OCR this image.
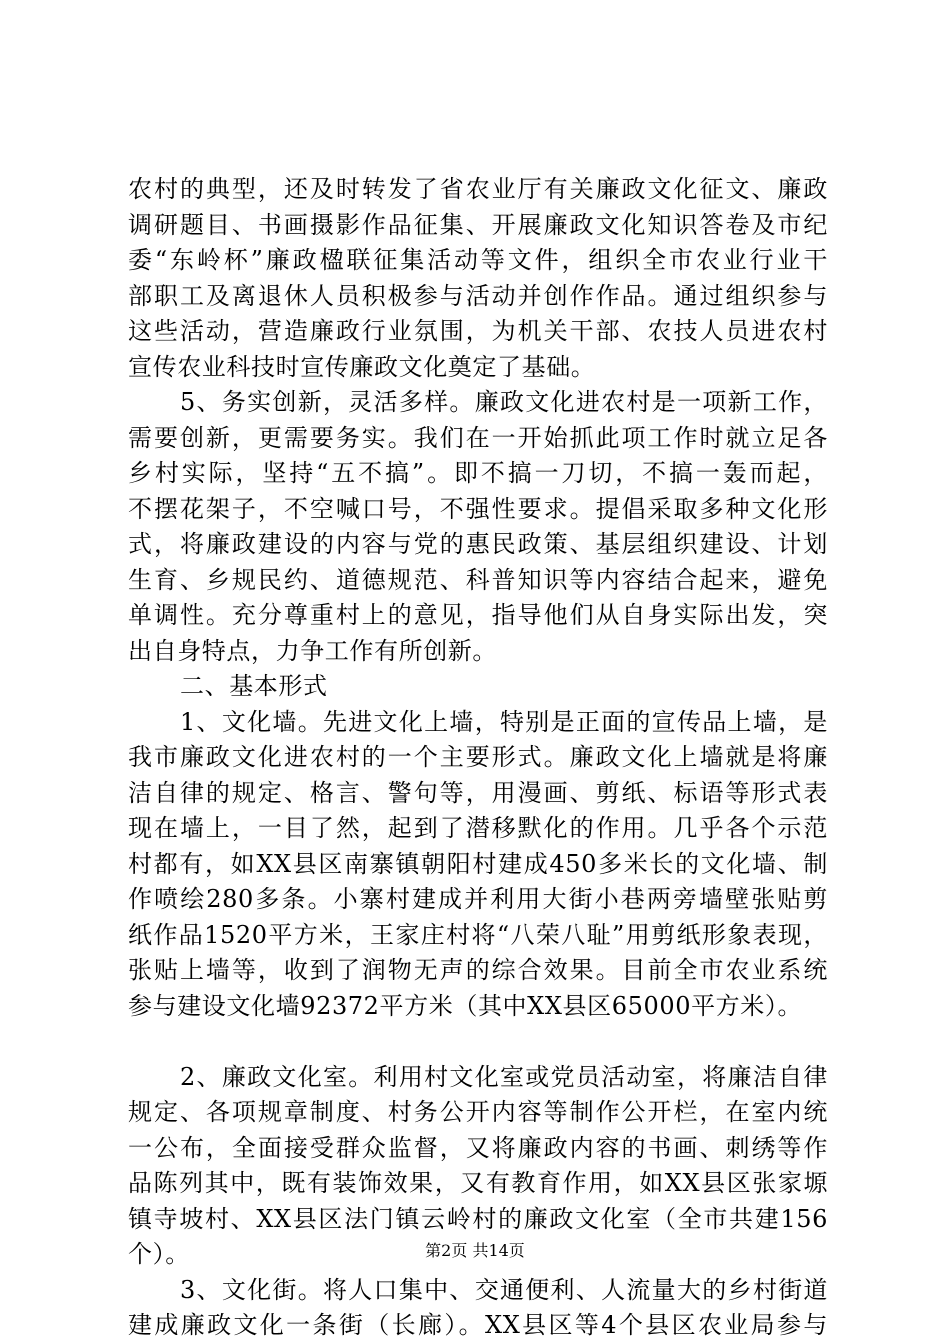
农村的典型，还及时转发了省农业厅有关廉政文化征文、廉政
调研题目、书画摄影作品征集、开展廉政文化知识答卷及市纪
委“东岭杯”廉政楹联征集活动等文件，组织全市农业行业干
部职工及离退休人员积极参与活动并创作作品。通过组织参与
这些活动，营造廉政行业氛围，为机关干部、农技人员进农村
宣传农业科技时宣传廉政文化奠定了基础。
5、务实创新，灵活多样。廉政文化进农村是一项新工作，
需要创新，更需要务实。我们在一开始抓此项工作时就立足各
乡村实际，坚持“五不搞”。即不搞一刀切，不搞一轰而起，
不摆花架子，不空喊口号，不强性要求。提倡采取多种文化形
式，将廉政建设的内容与党的惠民政策、基层组织建设、计划
生育、乡规民约、道德规范、科普知识等内容结合起来，避免
单调性。充分尊重村上的意见，指导他们从自身实际出发，突
出自身特点，力争工作有所创新。
二、基本形式
1、文化墙。先进文化上墙，特别是正面的宣传品上墙，是
我市廉政文化进农村的一个主要形式。廉政文化上墙就是将廉
洁自律的规定、格言、警句等，用漫画、剪纸、标语等形式表
现在墙上，一目了然，起到了潜移默化的作用。几乎各个示范
村都有，如XX县区南寨镇朝阳村建成450多米长的文化墙、制
作喷绘280多条。小寨村建成并利用大街小巷两旁墙壁张贴剪
纸作品1520平方米，王家庄村将“八荣八耻”用剪纸形象表现，
张贴上墙等，收到了润物无声的综合效果。目前全市农业系统
参与建设文化墙92372平方米（其中XX县区65000平方米）。
2、廉政文化室。利用村文化室或党员活动室，将廉洁自律
规定、各项规章制度、村务公开内容等制作公开栏，在室内统
一公布，全面接受群众监督，又将廉政内容的书画、刺绣等作
品陈列其中，既有装饰效果，又有教育作用，如XX县区张家塬
镇寺坡村、XX县区法门镇云岭村的廉政文化室（全市共建156
个）。
3、文化街。将人口集中、交通便利、人流量大的乡村街道
建成廉政文化一条街（长廊）。XX县区等4个县区农业局参与
第2页 共14页
